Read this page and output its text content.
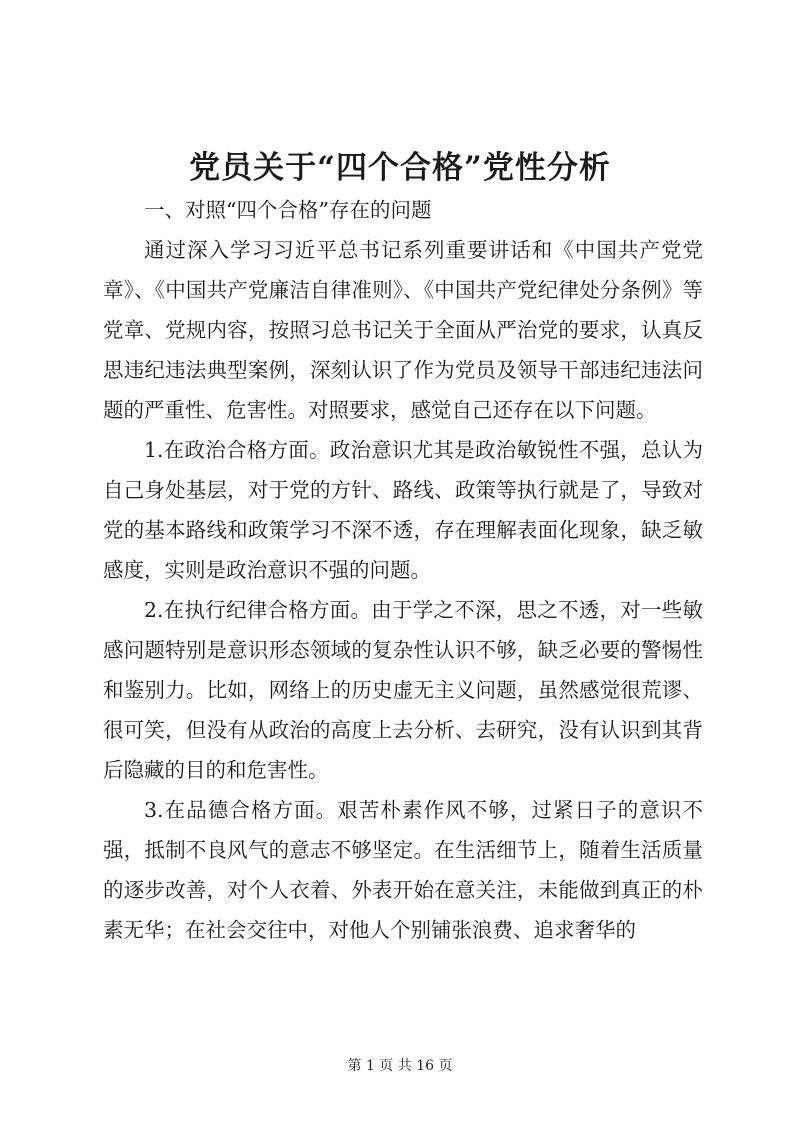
党员关于“四个合格”党性分析

一、对照“四个合格”存在的问题

通过深入学习习近平总书记系列重要讲话和《中国共产党党章》、《中国共产党廉洁自律准则》、《中国共产党纪律处分条例》等党章、党规内容，按照习总书记关于全面从严治党的要求，认真反思违纪违法典型案例，深刻认识了作为党员及领导干部违纪违法问题的严重性、危害性。对照要求，感觉自己还存在以下问题。

1.在政治合格方面。政治意识尤其是政治敏锐性不强，总认为自己身处基层，对于党的方针、路线、政策等执行就是了，导致对党的基本路线和政策学习不深不透，存在理解表面化现象，缺乏敏感度，实则是政治意识不强的问题。

2.在执行纪律合格方面。由于学之不深，思之不透，对一些敏感问题特别是意识形态领域的复杂性认识不够，缺乏必要的警惕性和鉴别力。比如，网络上的历史虚无主义问题，虽然感觉很荒谬、很可笑，但没有从政治的高度上去分析、去研究，没有认识到其背后隐藏的目的和危害性。

3.在品德合格方面。艰苦朴素作风不够，过紧日子的意识不强，抵制不良风气的意志不够坚定。在生活细节上，随着生活质量的逐步改善，对个人衣着、外表开始在意关注，未能做到真正的朴素无华；在社会交往中，对他人个别铺张浪费、追求奢华的

第 1 页 共 16 页
